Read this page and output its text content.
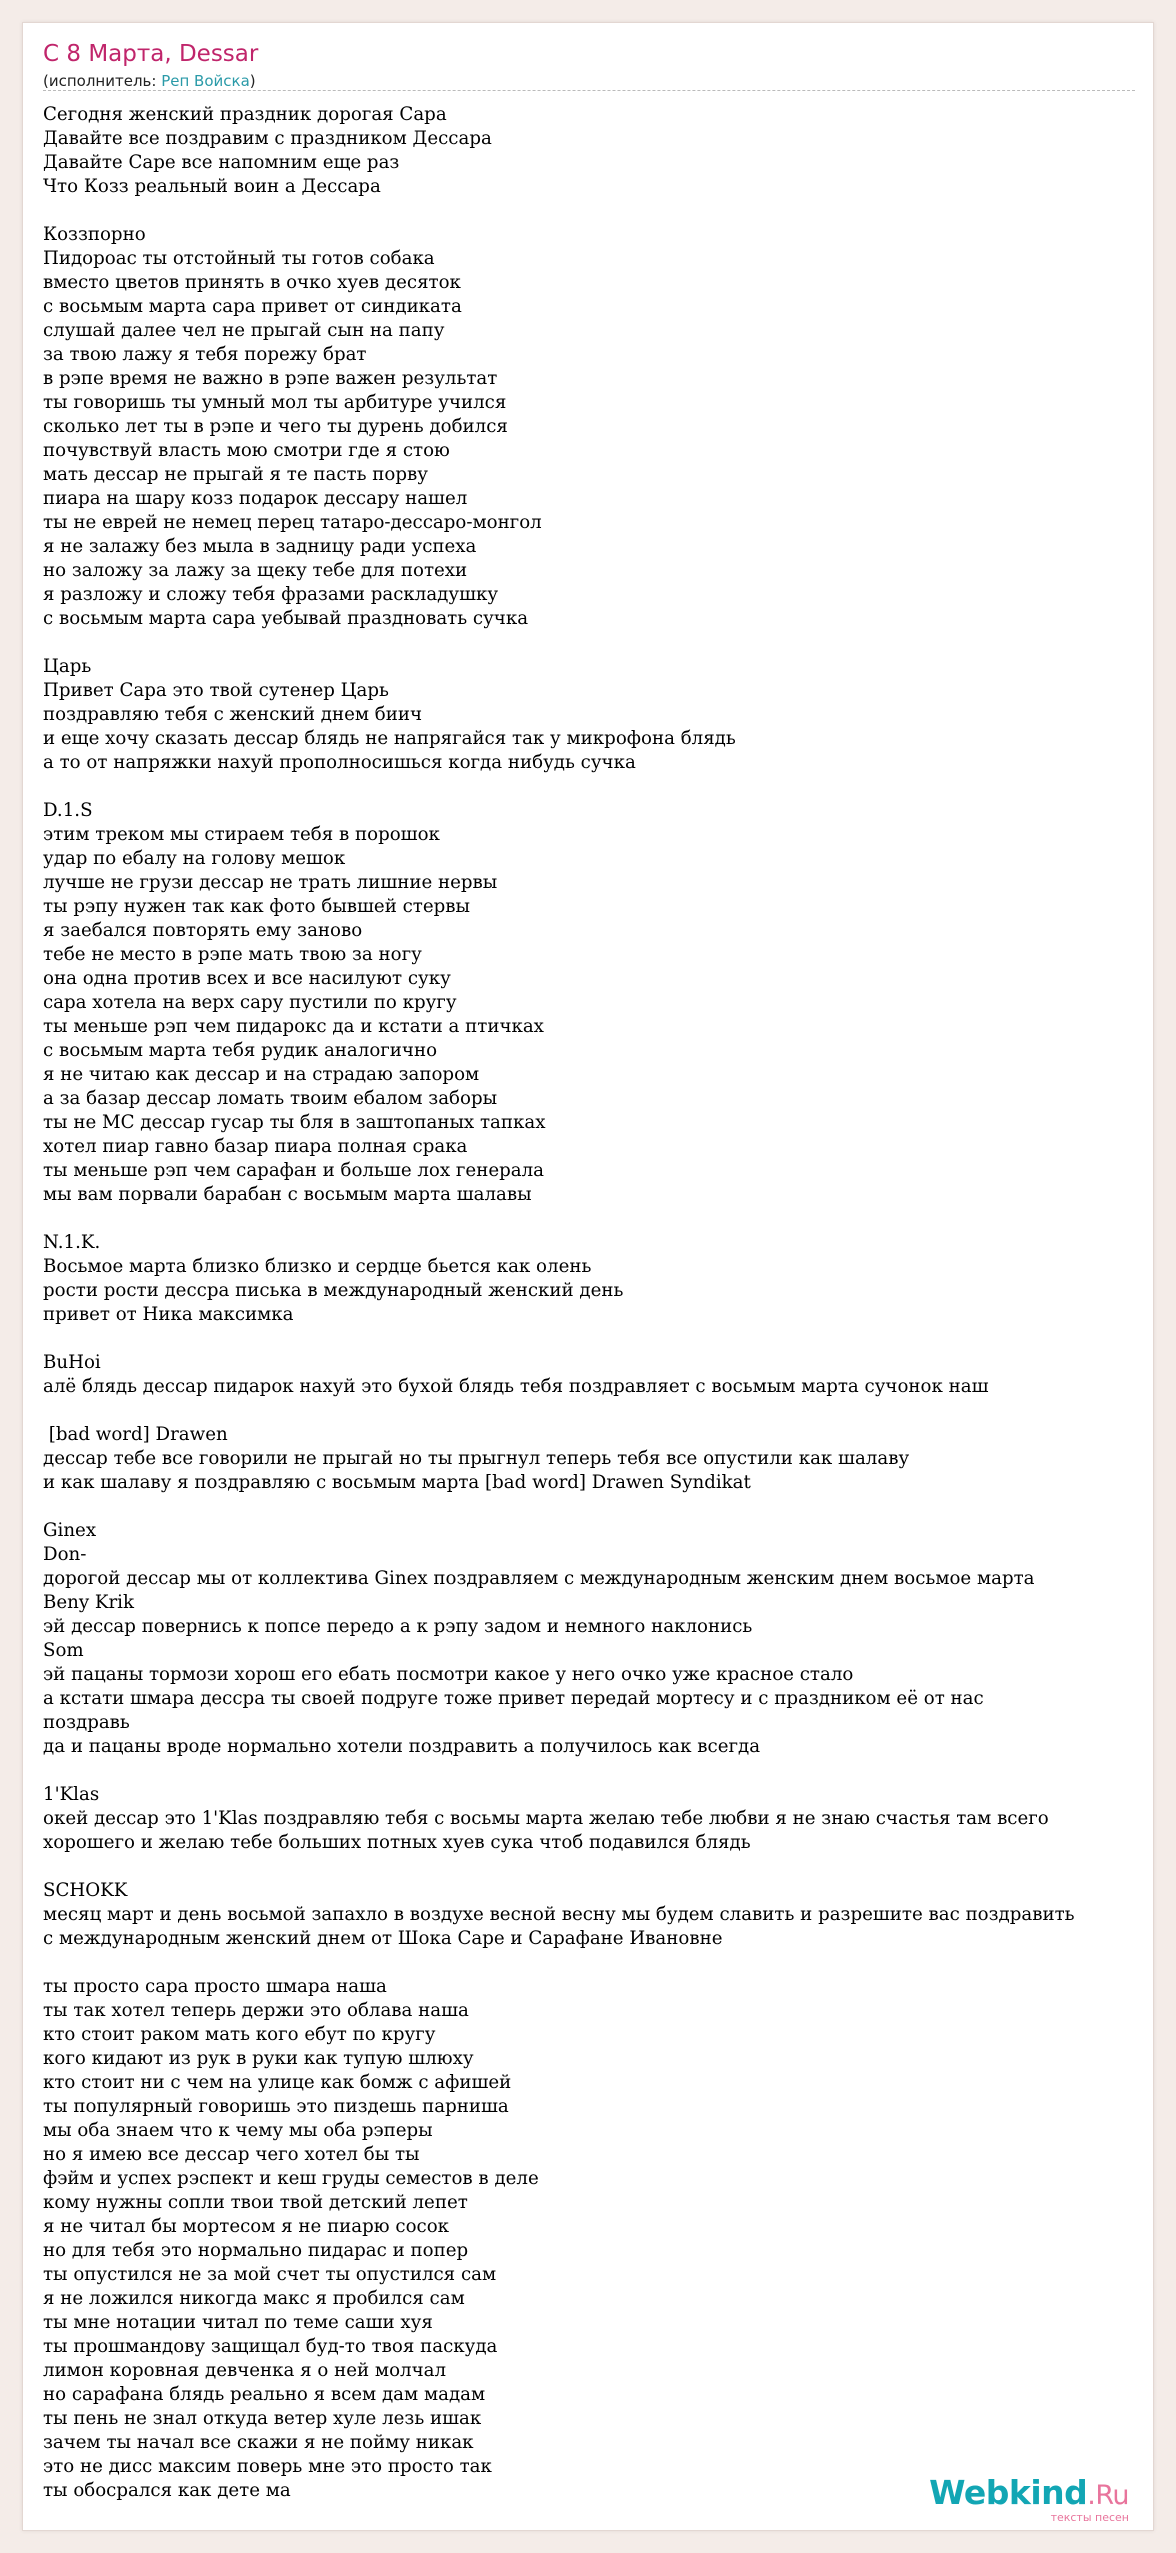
С 8 Марта, Dessar
(исполнитель: Реп Войска)
Сегодня женский праздник дорогая Сара
Давайте все поздравим с праздником Дессара
Давайте Саре все напомним еще раз
Что Козз реальный воин а Дессара

Коззпорно
Пидороас ты отстойный ты готов собака
вместо цветов принять в очко хуев десяток
с восьмым марта сара привет от синдиката
слушай далее чел не прыгай сын на папу
за твою лажу я тебя порежу брат
в рэпе время не важно в рэпе важен результат
ты говоришь ты умный мол ты арбитуре учился
сколько лет ты в рэпе и чего ты дурень добился
почувствуй власть мою смотри где я стою
мать дессар не прыгай я те пасть порву
пиара на шару козз подарок дессару нашел
ты не еврей не немец перец татаро-дессаро-монгол
я не залажу без мыла в задницу ради успеха
но заложу за лажу за щеку тебе для потехи
я разложу и сложу тебя фразами раскладушку
с восьмым марта сара уебывай праздновать сучка

Царь
Привет Сара это твой сутенер Царь
поздравляю тебя с женский днем биич
и еще хочу сказать дессар блядь не напрягайся так у микрофона блядь
а то от напряжки нахуй прополносишься когда нибудь сучка

D.1.S
этим треком мы стираем тебя в порошок
удар по ебалу на голову мешок
лучше не грузи дессар не трать лишние нервы
ты рэпу нужен так как фото бывшей стервы
я заебался повторять ему заново
тебе не место в рэпе мать твою за ногу
она одна против всех и все насилуют суку
сара хотела на верх сару пустили по кругу
ты меньше рэп чем пидарокс да и кстати а птичках
с восьмым марта тебя рудик аналогично
я не читаю как дессар и на страдаю запором
а за базар дессар ломать твоим ебалом заборы
ты не МС дессар гусар ты бля в заштопаных тапках
хотел пиар гавно базар пиара полная срака
ты меньше рэп чем сарафан и больше лох генерала
мы вам порвали барабан с восьмым марта шалавы

N.1.K.
Восьмое марта близко близко и сердце бьется как олень
рости рости дессра писька в международный женский день
привет от Ника максимка

BuHoi
алё блядь дессар пидарок нахуй это бухой блядь тебя поздравляет с восьмым марта сучонок наш

[bad word] Drawen
дессар тебе все говорили не прыгай но ты прыгнул теперь тебя все опустили как шалаву
и как шалаву я поздравляю с восьмым марта [bad word] Drawen Syndikat

Ginex
Don-
дорогой дессар мы от коллектива Ginex поздравляем с международным женским днем восьмое марта
Beny Krik
эй дессар повернись к попсе передо а к рэпу задом и немного наклонись
Som
эй пацаны тормози хорош его ебать посмотри какое у него очко уже красное стало
а кстати шмара дессра ты своей подруге тоже привет передай мортесу и с праздником её от нас
поздравь
да и пацаны вроде нормально хотели поздравить а получилось как всегда

1'Klas
окей дессар это 1'Klas поздравляю тебя с восьмы марта желаю тебе любви я не знаю счастья там всего
хорошего и желаю тебе больших потных хуев сука чтоб подавился блядь

SCHOKK
месяц март и день восьмой запахло в воздухе весной весну мы будем славить и разрешите вас поздравить
с международным женский днем от Шока Саре и Сарафане Ивановне

ты просто сара просто шмара наша
ты так хотел теперь держи это облава наша
кто стоит раком мать кого ебут по кругу
кого кидают из рук в руки как тупую шлюху
кто стоит ни с чем на улице как бомж с афишей
ты популярный говоришь это пиздешь парниша
мы оба знаем что к чему мы оба рэперы
но я имею все дессар чего хотел бы ты
фэйм и успех рэспект и кеш груды семестов в деле
кому нужны сопли твои твой детский лепет
я не читал бы мортесом я не пиарю сосок
но для тебя это нормально пидарас и попер
ты опустился не за мой счет ты опустился сам
я не ложился никогда макс я пробился сам
ты мне нотации читал по теме саши хуя
ты прошмандову защищал буд-то твоя паскуда
лимон коровная девченка я о ней молчал
но сарафана блядь реально я всем дам мадам
ты пень не знал откуда ветер хуле лезь ишак
зачем ты начал все скажи я не пойму никак
это не дисс максим поверь мне это просто так
ты обосрался как дете ма	Webkind.Ru
тексты песен
